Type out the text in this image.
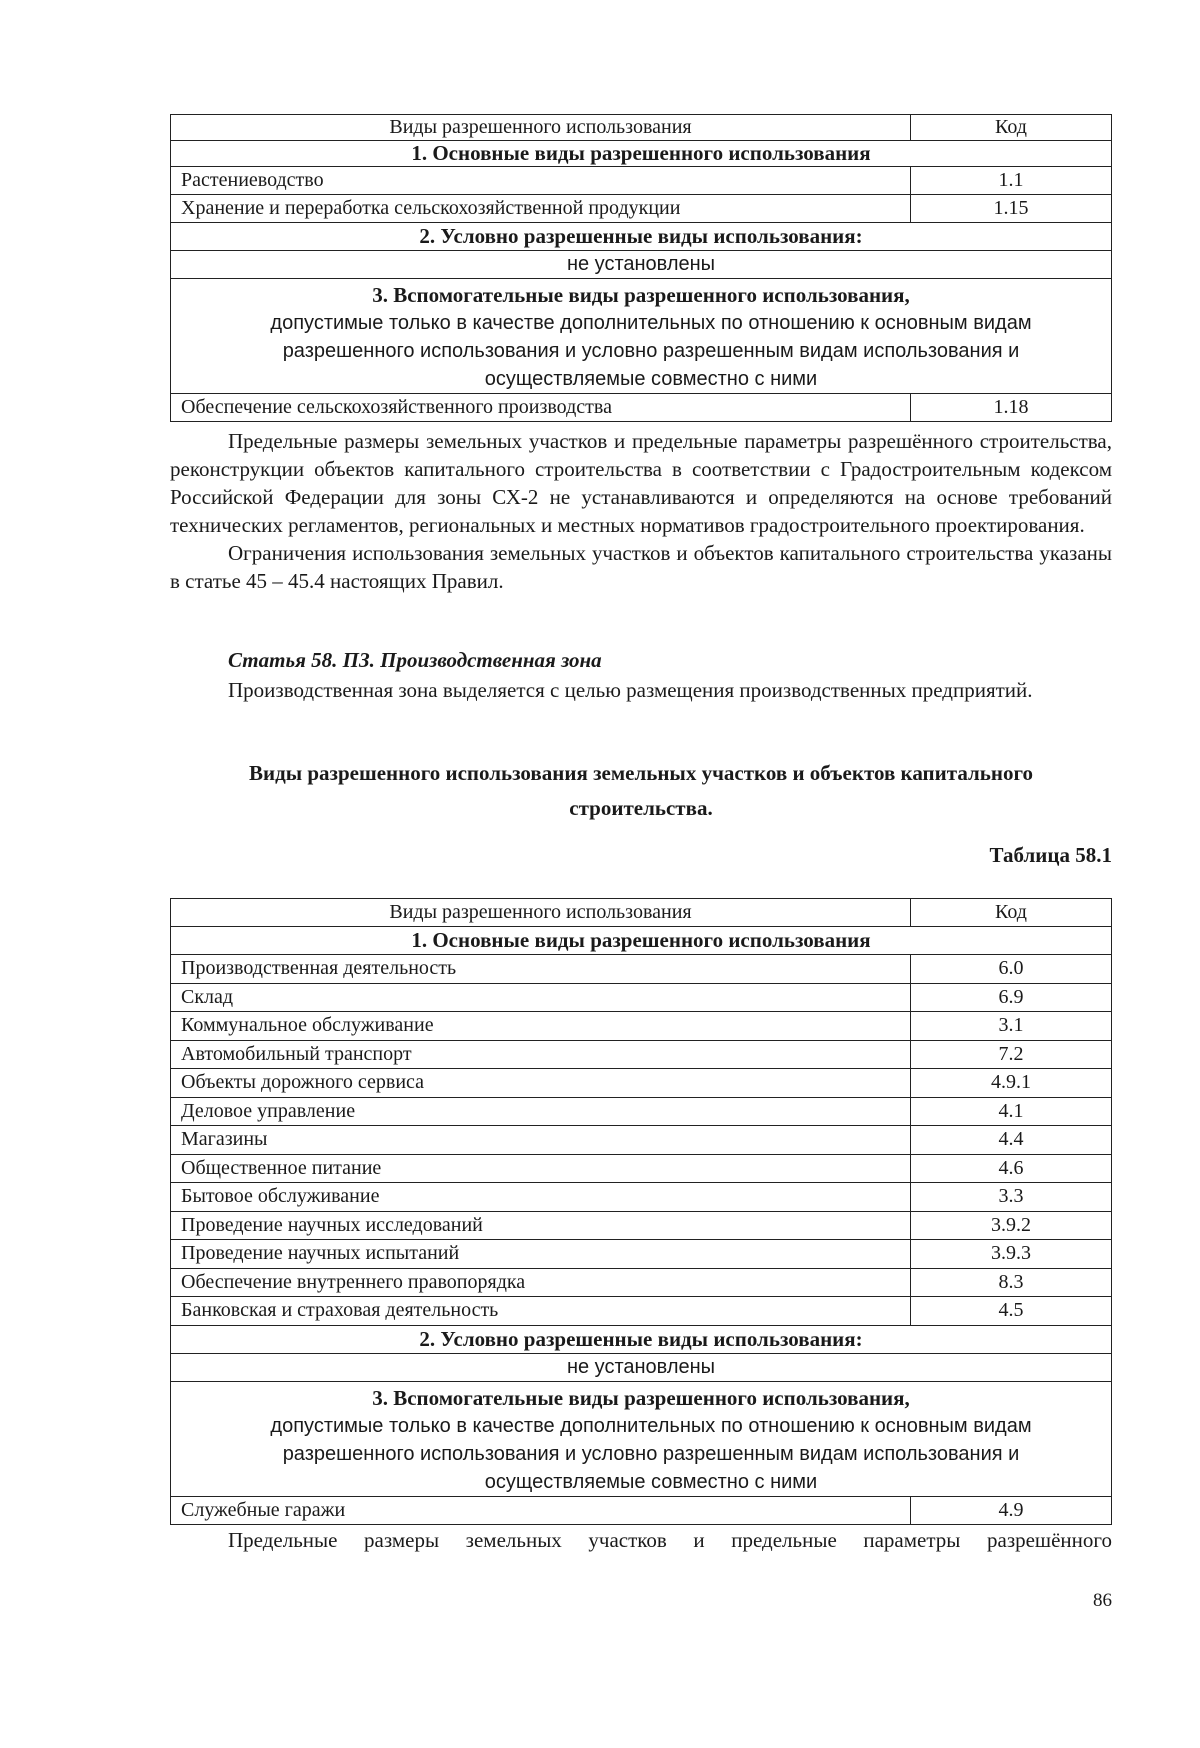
Виды разрешенного использования	Код
1. Основные виды разрешенного использования	
Растениеводство	1.1
Хранение и переработка сельскохозяйственной продукции	1.15
2. Условно разрешенные виды использования:	
не установлены	

3. Вспомогательные виды разрешенного использования,
допустимые только в качестве дополнительных по отношению к основным видам разрешенного использования и условно разрешенным видам использования и осуществляемые совместно с ними	

Обеспечение сельскохозяйственного производства	1.18

Предельные размеры земельных участков и предельные параметры разрешённого строительства, реконструкции объектов капитального строительства в соответствии с Градостроительным кодексом Российской Федерации для зоны СХ-2 не устанавливаются и определяются на основе требований технических регламентов, региональных и местных нормативов градостроительного проектирования.

Ограничения использования земельных участков и объектов капитального строительства указаны в статье 45 – 45.4 настоящих Правил.

Статья 58. ПЗ. Производственная зона

Производственная зона выделяется с целью размещения производственных предприятий.

Виды разрешенного использования земельных участков и объектов капитального
строительства.
Таблица 58.1
Виды разрешенного использования	Код
1. Основные виды разрешенного использования	
Производственная деятельность	6.0
Склад	6.9
Коммунальное обслуживание	3.1
Автомобильный транспорт	7.2
Объекты дорожного сервиса	4.9.1
Деловое управление	4.1
Магазины	4.4
Общественное питание	4.6
Бытовое обслуживание	3.3
Проведение научных исследований	3.9.2
Проведение научных испытаний	3.9.3
Обеспечение внутреннего правопорядка	8.3
Банковская и страховая деятельность	4.5
2. Условно разрешенные виды использования:	
не установлены	

3. Вспомогательные виды разрешенного использования,
допустимые только в качестве дополнительных по отношению к основным видам разрешенного использования и условно разрешенным видам использования и осуществляемые совместно с ними	

Служебные гаражи	4.9

Предельные размеры земельных участков и предельные параметры разрешённого

86
